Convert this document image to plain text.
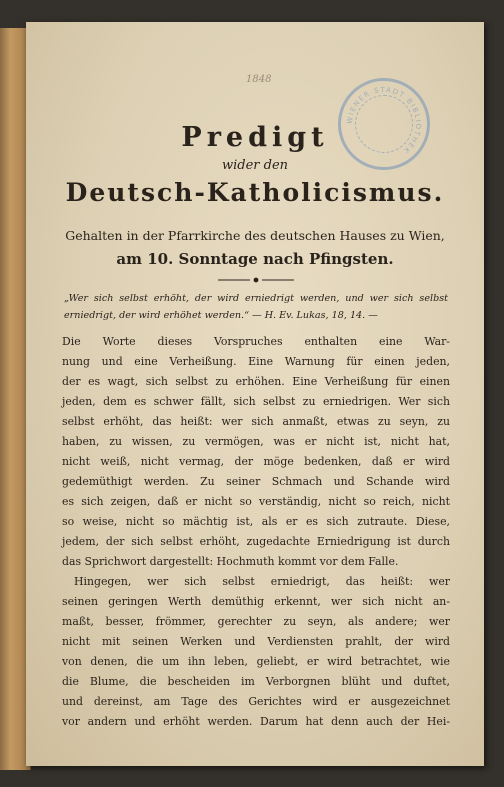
1848
WIENER STADT BIBLIOTHEK
Predigt
wider den
Deutsch-Katholicismus.
Gehalten in der Pfarrkirche des deutschen Hauses zu Wien,
am 10. Sonntage nach Pfingsten.
„Wer sich selbst erhöht, der wird erniedrigt werden, und wer sich selbst
erniedrigt, der wird erhöhet werden.“ — H. Ev. Lukas, 18, 14. —
Die Worte dieses Vorspruches enthalten eine War-
nung und eine Verheißung. Eine Warnung für einen jeden,
der es wagt, sich selbst zu erhöhen. Eine Verheißung für einen
jeden, dem es schwer fällt, sich selbst zu erniedrigen. Wer sich
selbst erhöht, das heißt: wer sich anmaßt, etwas zu seyn, zu
haben, zu wissen, zu vermögen, was er nicht ist, nicht hat,
nicht weiß, nicht vermag, der möge bedenken, daß er wird
gedemüthigt werden. Zu seiner Schmach und Schande wird
es sich zeigen, daß er nicht so verständig, nicht so reich, nicht
so weise, nicht so mächtig ist, als er es sich zutraute. Diese,
jedem, der sich selbst erhöht, zugedachte Erniedrigung ist durch
das Sprichwort dargestellt: Hochmuth kommt vor dem Falle.
Hingegen, wer sich selbst erniedrigt, das heißt: wer
seinen geringen Werth demüthig erkennt, wer sich nicht an-
maßt, besser, frömmer, gerechter zu seyn, als andere; wer
nicht mit seinen Werken und Verdiensten prahlt, der wird
von denen, die um ihn leben, geliebt, er wird betrachtet, wie
die Blume, die bescheiden im Verborgnen blüht und duftet,
und dereinst, am Tage des Gerichtes wird er ausgezeichnet
vor andern und erhöht werden. Darum hat denn auch der Hei-
